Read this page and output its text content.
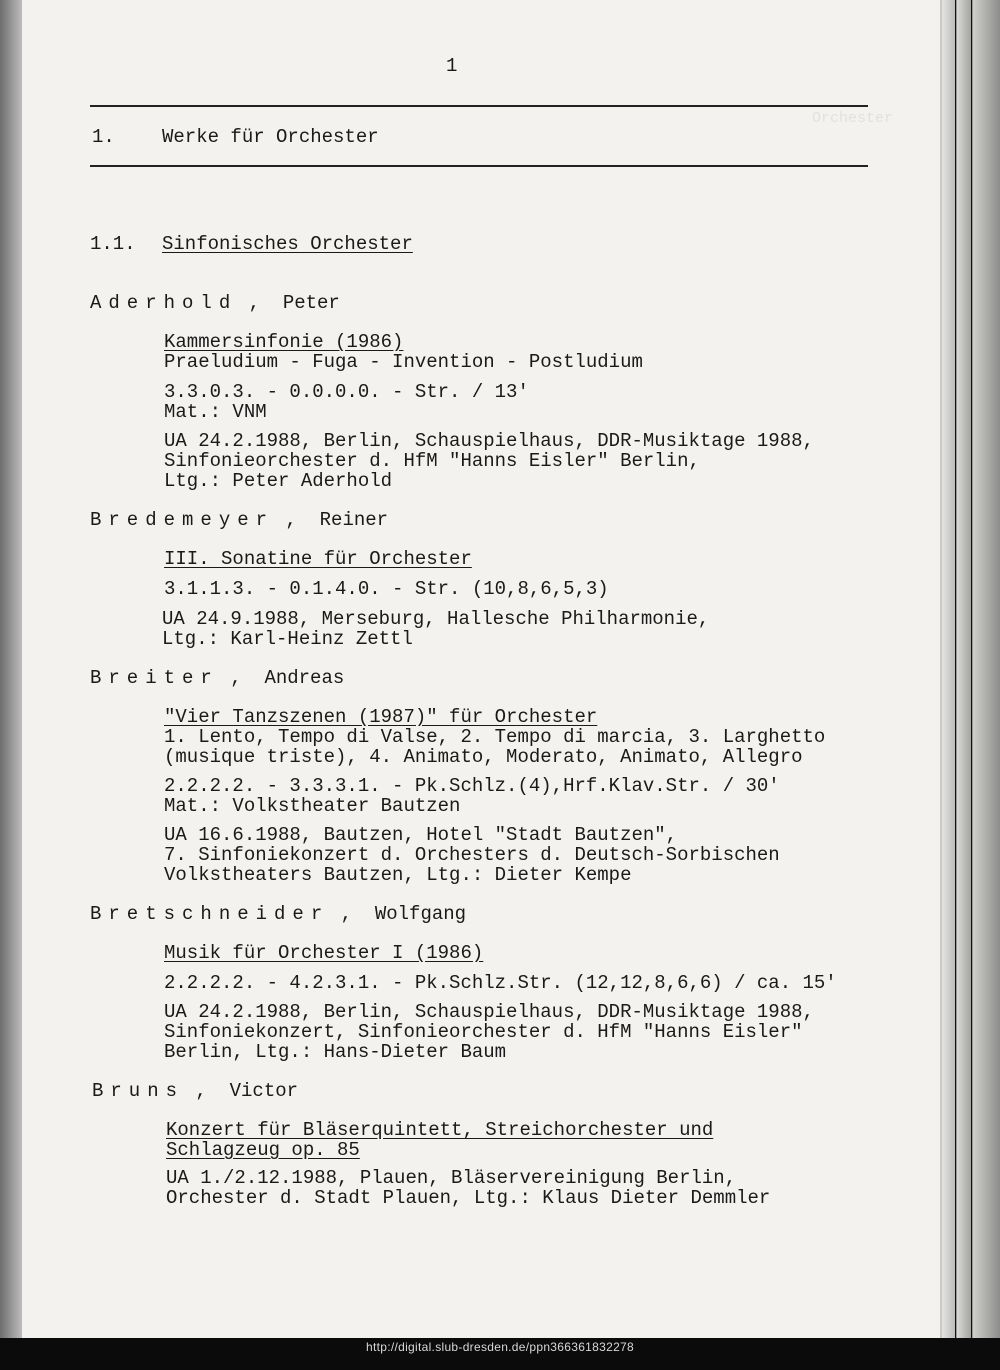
Orchester
1
1. Werke für Orchester
1.1. Sinfonisches Orchester
Aderhold ,  Peter
Kammersinfonie (1986)
Praeludium - Fuga - Invention - Postludium
3.3.0.3. - 0.0.0.0. - Str. / 13'
Mat.: VNM
UA 24.2.1988, Berlin, Schauspielhaus, DDR-Musiktage 1988,
Sinfonieorchester d. HfM "Hanns Eisler" Berlin,
Ltg.: Peter Aderhold
Bredemeyer ,  Reiner
III. Sonatine für Orchester
3.1.1.3. - 0.1.4.0. - Str. (10,8,6,5,3)
UA 24.9.1988, Merseburg, Hallesche Philharmonie,
Ltg.: Karl-Heinz Zettl
Breiter ,  Andreas
"Vier Tanzszenen (1987)" für Orchester
1. Lento, Tempo di Valse, 2. Tempo di marcia, 3. Larghetto
(musique triste), 4. Animato, Moderato, Animato, Allegro
2.2.2.2. - 3.3.3.1. - Pk.Schlz.(4),Hrf.Klav.Str. / 30'
Mat.: Volkstheater Bautzen
UA 16.6.1988, Bautzen, Hotel "Stadt Bautzen",
7. Sinfoniekonzert d. Orchesters d. Deutsch-Sorbischen
Volkstheaters Bautzen, Ltg.: Dieter Kempe
Bretschneider ,  Wolfgang
Musik für Orchester I (1986)
2.2.2.2. - 4.2.3.1. - Pk.Schlz.Str. (12,12,8,6,6) / ca. 15'
UA 24.2.1988, Berlin, Schauspielhaus, DDR-Musiktage 1988,
Sinfoniekonzert, Sinfonieorchester d. HfM "Hanns Eisler"
Berlin, Ltg.: Hans-Dieter Baum
Bruns ,  Victor
Konzert für Bläserquintett, Streichorchester und
Schlagzeug op. 85
UA 1./2.12.1988, Plauen, Bläservereinigung Berlin,
Orchester d. Stadt Plauen, Ltg.: Klaus Dieter Demmler
http://digital.slub-dresden.de/ppn366361832278
